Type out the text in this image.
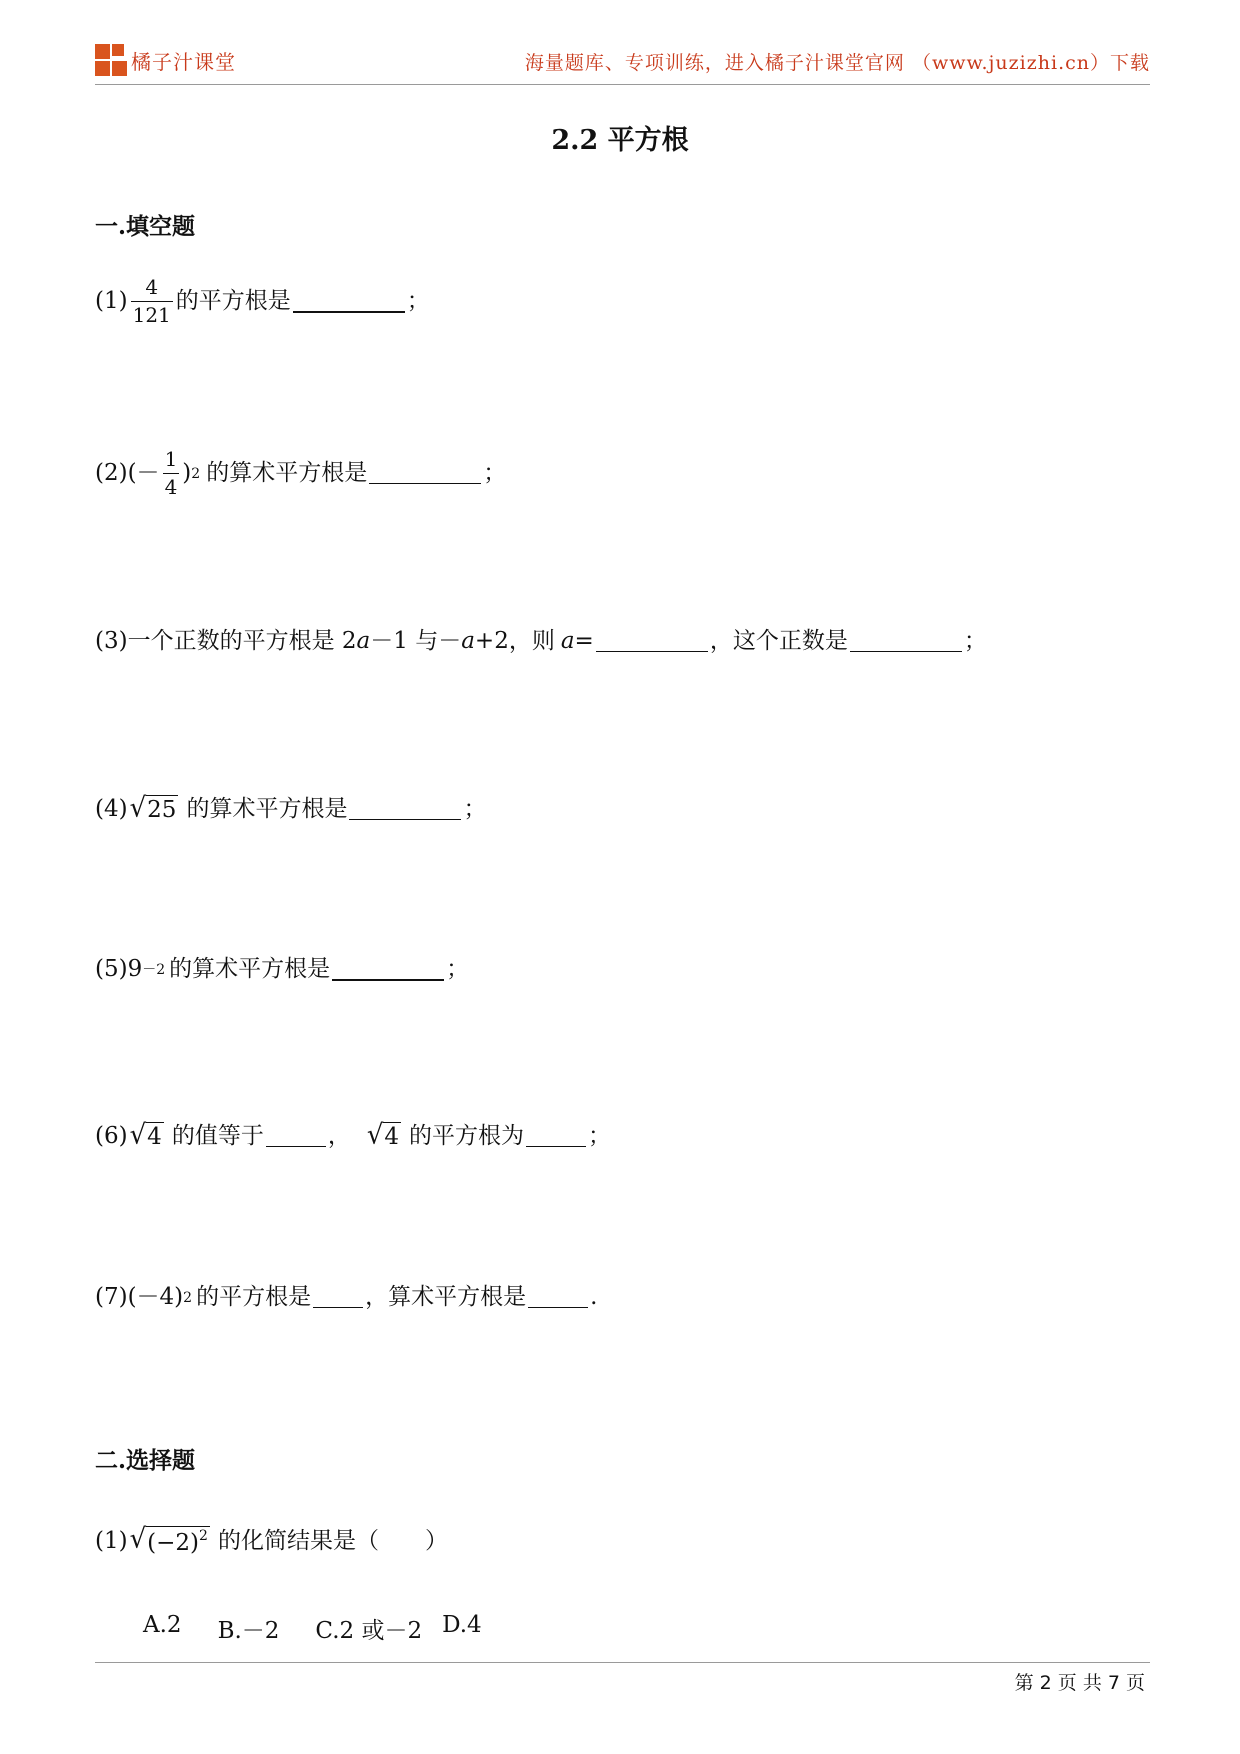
橘子汁课堂	海量题库、专项训练，进入橘子汁课堂官网 （www.juzizhi.cn）下载
2.2 平方根
一.填空题
$(1) \frac{4}{121}$ 的平方根是	；
$(2)(- \frac{1}{4}$ ) 2 的算术平方根是	；
(3)一个正数的平方根是 2 a －1 与－ a +2，则 a =	，这个正数是	；
(4) √ 25 的算术平方根是	；
(5)9 －2 的算术平方根是	；
(6) √ 4 的值等于	， √ 4 的平方根为	；
(7)(－4) 2 的平方根是 ，算术平方根是	.
二.选择题
(1) √ $(-2)^2$ 的化简结果是（　　）
A.2 B.－2 C.2 或－2 D.4
第 2 页 共 7 页
